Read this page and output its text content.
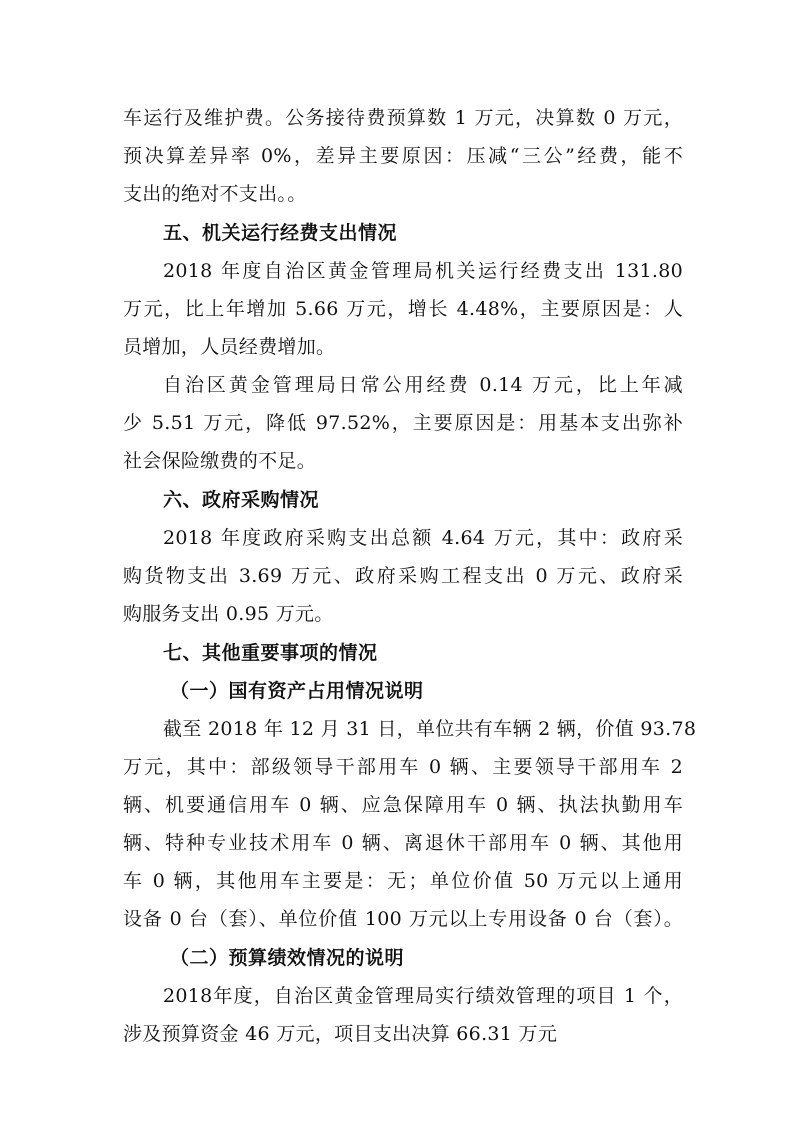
车运行及维护费。公务接待费预算数 1 万元，决算数 0 万元，
预决算差异率 0%，差异主要原因：压减“三公”经费，能不
支出的绝对不支出。。
五、机关运行经费支出情况
2018 年度自治区黄金管理局机关运行经费支出 131.80
万元，比上年增加 5.66 万元，增长 4.48%，主要原因是：人
员增加，人员经费增加。
自治区黄金管理局日常公用经费 0.14 万元，比上年减
少 5.51 万元，降低 97.52%，主要原因是：用基本支出弥补
社会保险缴费的不足。
六、政府采购情况
2018 年度政府采购支出总额 4.64 万元，其中：政府采
购货物支出 3.69 万元、政府采购工程支出 0 万元、政府采
购服务支出 0.95 万元。
七、其他重要事项的情况
（一）国有资产占用情况说明
截至 2018 年 12 月 31 日，单位共有车辆 2 辆，价值 93.78
万元，其中：部级领导干部用车 0 辆、主要领导干部用车 2
辆、机要通信用车 0 辆、应急保障用车 0 辆、执法执勤用车
辆、特种专业技术用车 0 辆、离退休干部用车 0 辆、其他用
车 0 辆，其他用车主要是：无；单位价值 50 万元以上通用
设备 0 台（套）、单位价值 100 万元以上专用设备 0 台（套）。
（二）预算绩效情况的说明
2018年度，自治区黄金管理局实行绩效管理的项目 1 个，
涉及预算资金 46 万元，项目支出决算 66.31 万元
